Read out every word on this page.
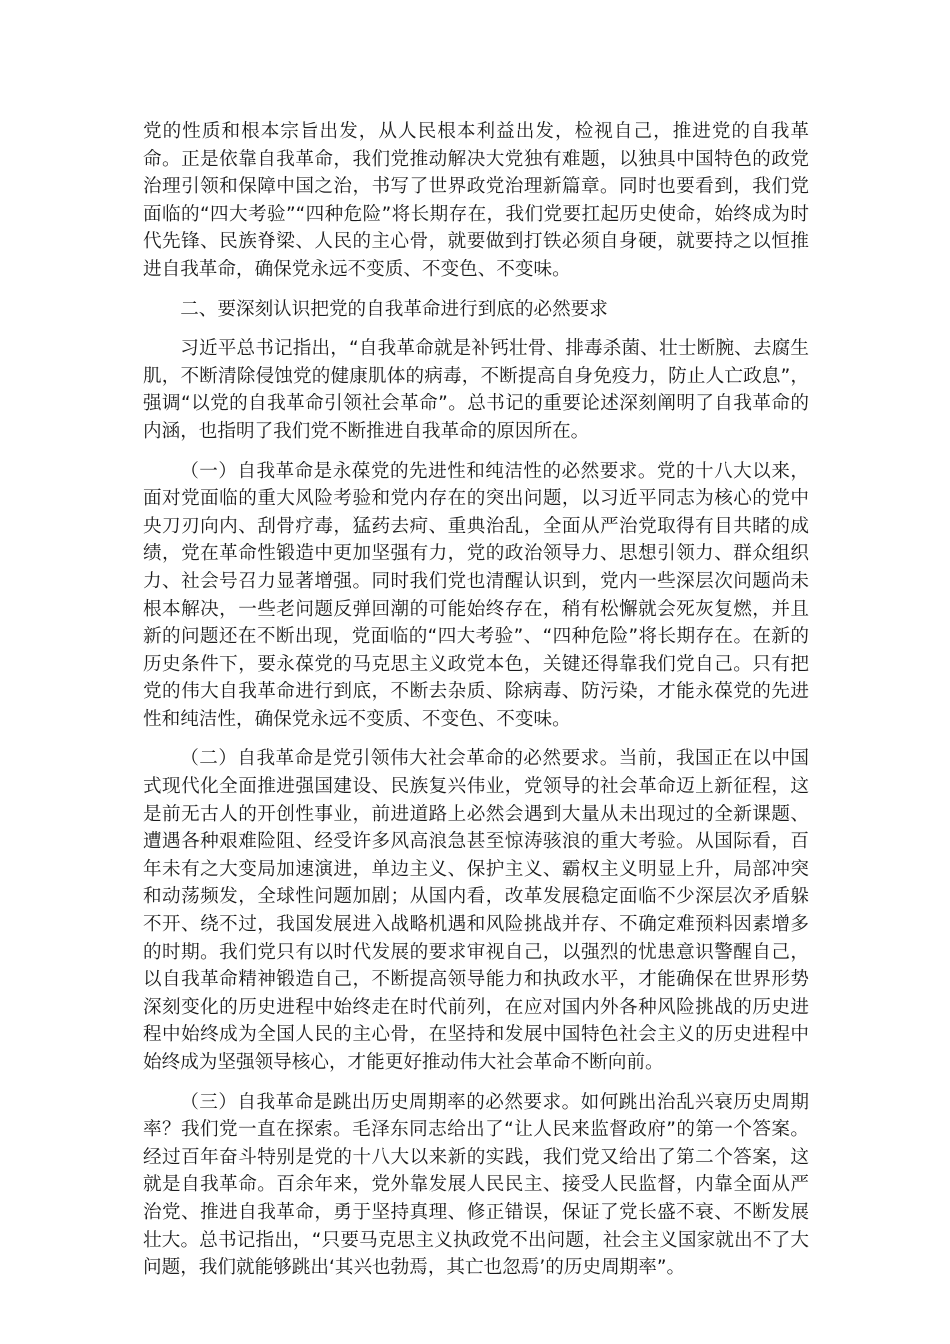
党的性质和根本宗旨出发，从人民根本利益出发，检视自己，推进党的自我革命。正是依靠自我革命，我们党推动解决大党独有难题，以独具中国特色的政党治理引领和保障中国之治，书写了世界政党治理新篇章。同时也要看到，我们党面临的“四大考验”“四种危险”将长期存在，我们党要扛起历史使命，始终成为时代先锋、民族脊梁、人民的主心骨，就要做到打铁必须自身硬，就要持之以恒推进自我革命，确保党永远不变质、不变色、不变味。

二、要深刻认识把党的自我革命进行到底的必然要求

习近平总书记指出，“自我革命就是补钙壮骨、排毒杀菌、壮士断腕、去腐生肌，不断清除侵蚀党的健康肌体的病毒，不断提高自身免疫力，防止人亡政息”，强调“以党的自我革命引领社会革命”。总书记的重要论述深刻阐明了自我革命的内涵，也指明了我们党不断推进自我革命的原因所在。

（一）自我革命是永葆党的先进性和纯洁性的必然要求。党的十八大以来，面对党面临的重大风险考验和党内存在的突出问题，以习近平同志为核心的党中央刀刃向内、刮骨疗毒，猛药去疴、重典治乱，全面从严治党取得有目共睹的成绩，党在革命性锻造中更加坚强有力，党的政治领导力、思想引领力、群众组织力、社会号召力显著增强。同时我们党也清醒认识到，党内一些深层次问题尚未根本解决，一些老问题反弹回潮的可能始终存在，稍有松懈就会死灰复燃，并且新的问题还在不断出现，党面临的“四大考验”、“四种危险”将长期存在。在新的历史条件下，要永葆党的马克思主义政党本色，关键还得靠我们党自己。只有把党的伟大自我革命进行到底，不断去杂质、除病毒、防污染，才能永葆党的先进性和纯洁性，确保党永远不变质、不变色、不变味。

（二）自我革命是党引领伟大社会革命的必然要求。当前，我国正在以中国式现代化全面推进强国建设、民族复兴伟业，党领导的社会革命迈上新征程，这是前无古人的开创性事业，前进道路上必然会遇到大量从未出现过的全新课题、遭遇各种艰难险阻、经受许多风高浪急甚至惊涛骇浪的重大考验。从国际看，百年未有之大变局加速演进，单边主义、保护主义、霸权主义明显上升，局部冲突和动荡频发，全球性问题加剧；从国内看，改革发展稳定面临不少深层次矛盾躲不开、绕不过，我国发展进入战略机遇和风险挑战并存、不确定难预料因素增多的时期。我们党只有以时代发展的要求审视自己，以强烈的忧患意识警醒自己，以自我革命精神锻造自己，不断提高领导能力和执政水平，才能确保在世界形势深刻变化的历史进程中始终走在时代前列，在应对国内外各种风险挑战的历史进程中始终成为全国人民的主心骨，在坚持和发展中国特色社会主义的历史进程中始终成为坚强领导核心，才能更好推动伟大社会革命不断向前。

（三）自我革命是跳出历史周期率的必然要求。如何跳出治乱兴衰历史周期率？我们党一直在探索。毛泽东同志给出了“让人民来监督政府”的第一个答案。经过百年奋斗特别是党的十八大以来新的实践，我们党又给出了第二个答案，这就是自我革命。百余年来，党外靠发展人民民主、接受人民监督，内靠全面从严治党、推进自我革命，勇于坚持真理、修正错误，保证了党长盛不衰、不断发展壮大。总书记指出，“只要马克思主义执政党不出问题，社会主义国家就出不了大问题，我们就能够跳出‘其兴也勃焉，其亡也忽焉’的历史周期率”。
